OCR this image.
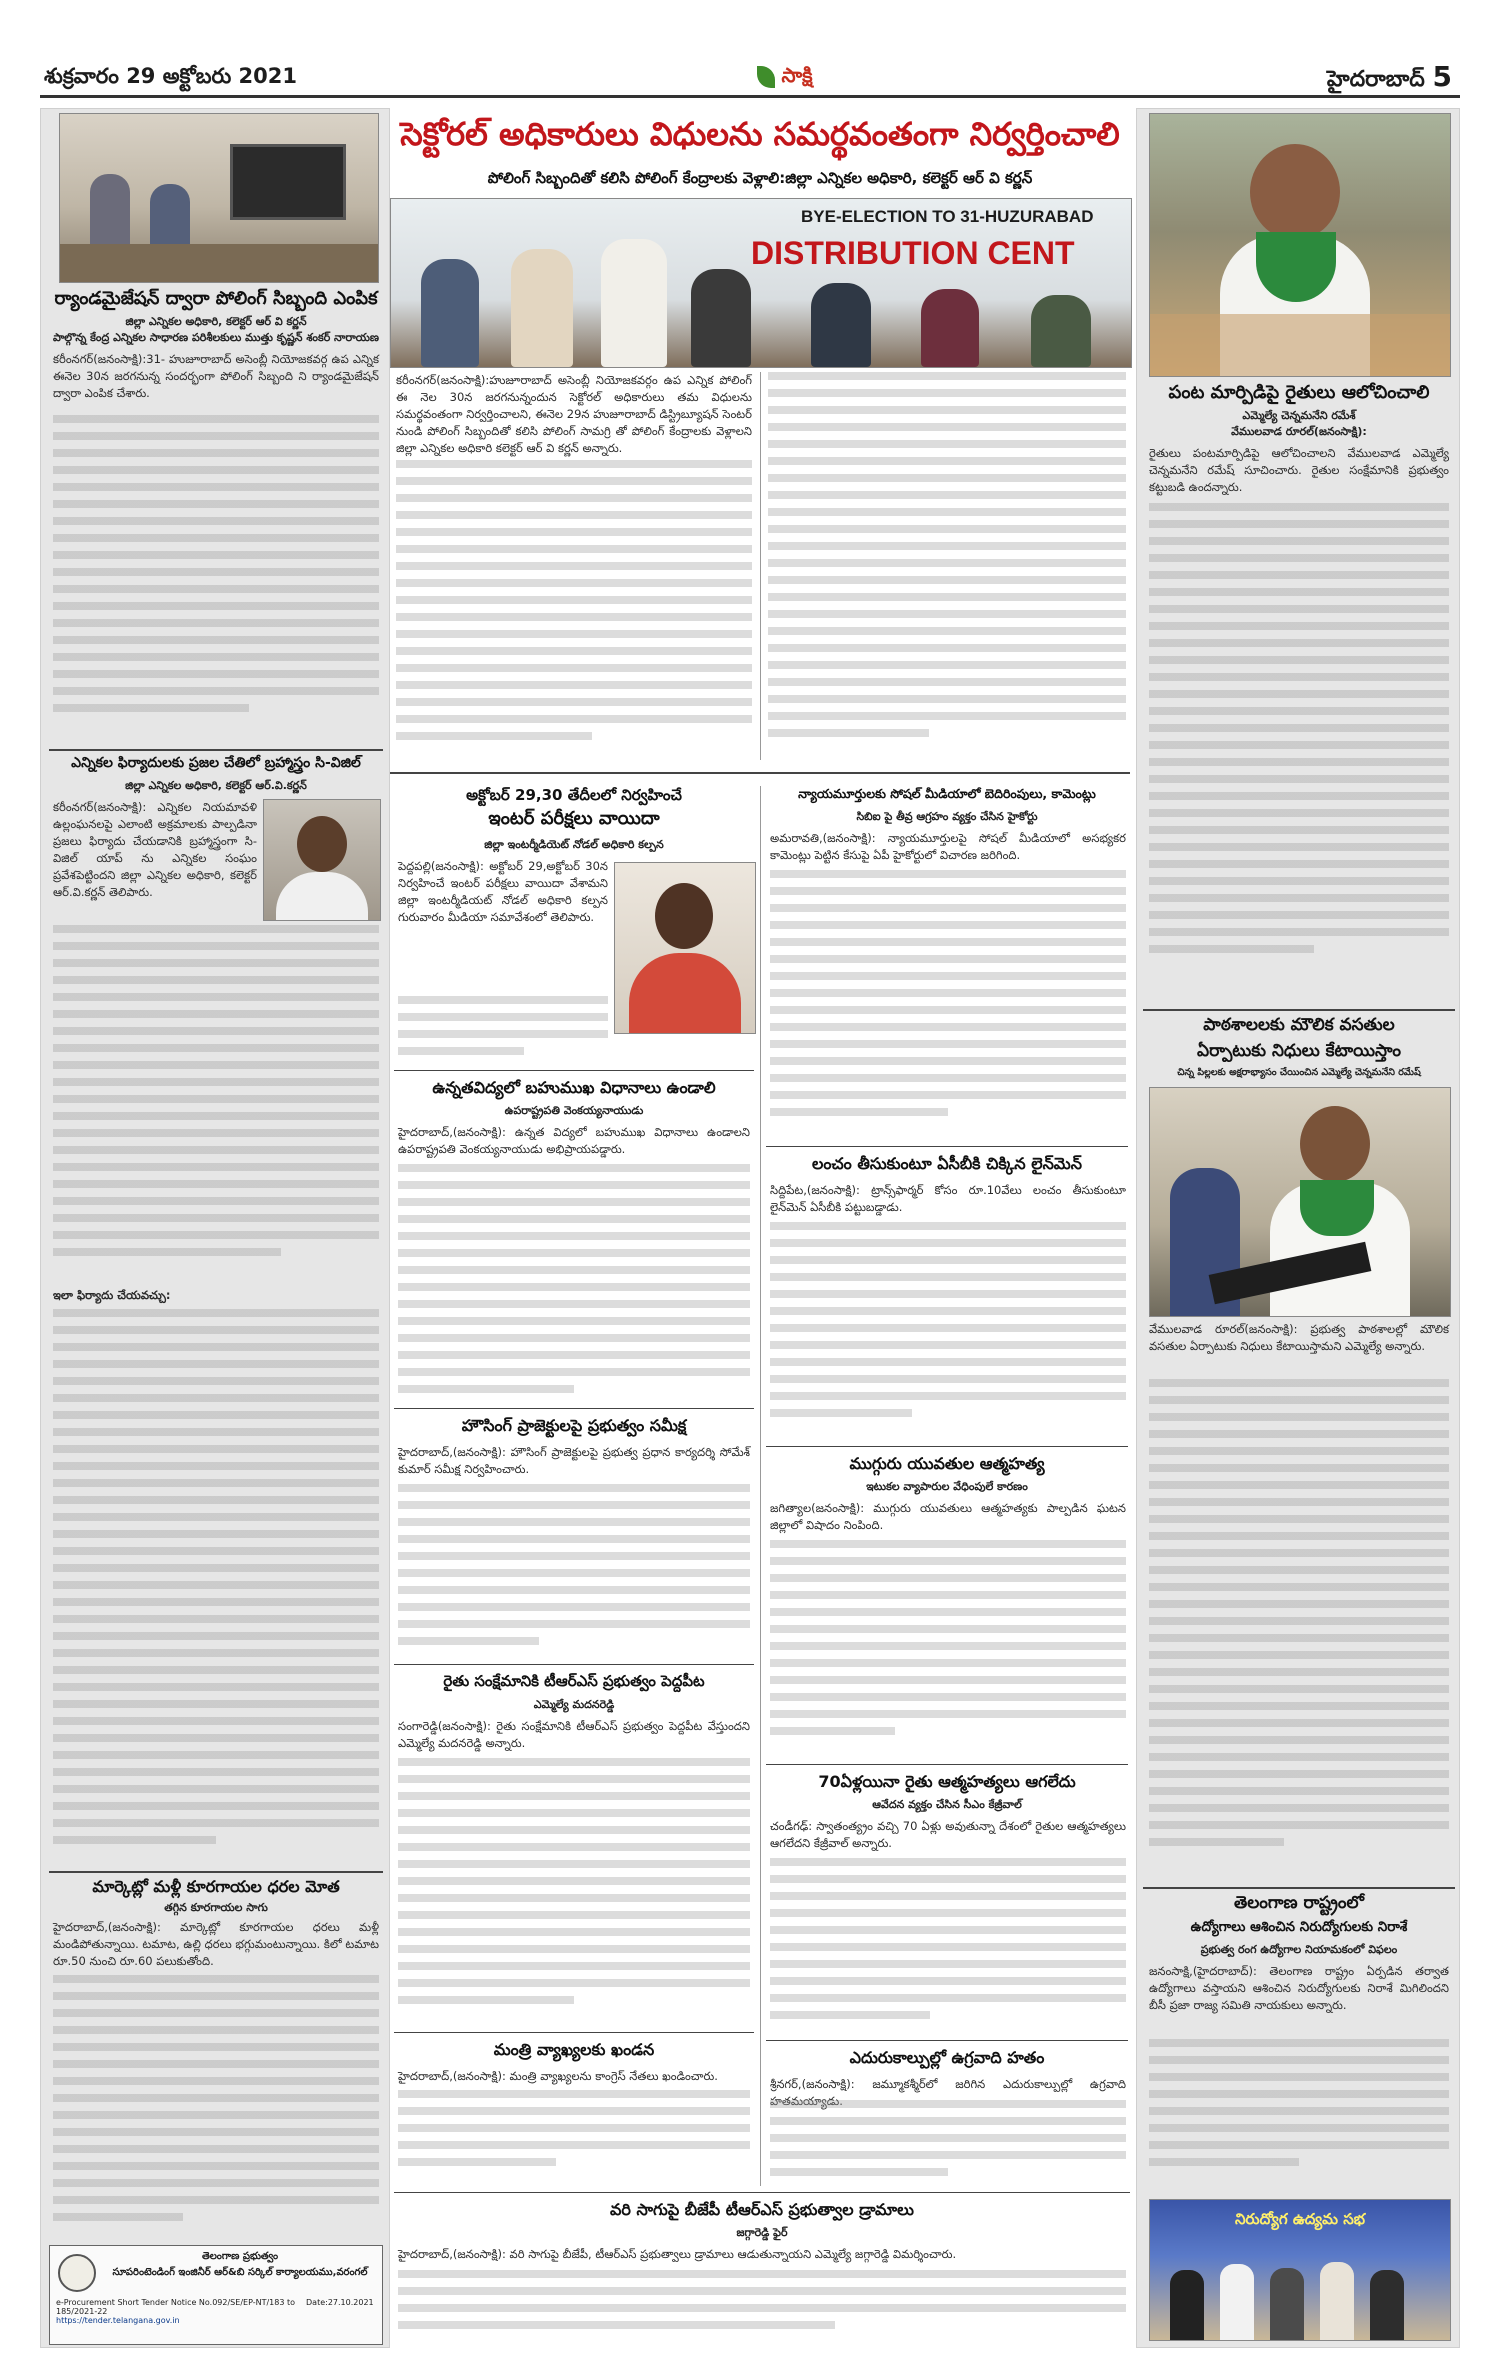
శుక్రవారం 29 అక్టోబరు 2021	సాక్షి	హైదరాబాద్ 5
ర్యాండమైజేషన్ ద్వారా పోలింగ్ సిబ్బంది ఎంపిక
జిల్లా ఎన్నికల అధికారి, కలెక్టర్ ఆర్ వి కర్ణన్
పాల్గొన్న కేంద్ర ఎన్నికల సాధారణ పరిశీలకులు ముత్తు కృష్ణన్ శంకర్ నారాయణ
కరీంనగర్(జనంసాక్షి):31- హుజూరాబాద్ అసెంబ్లీ నియోజకవర్గ ఉప ఎన్నిక ఈనెల 30న జరగనున్న సందర్భంగా పోలింగ్ సిబ్బంది ని ర్యాండమైజేషన్ ద్వారా ఎంపిక చేశారు.
ఎన్నికల ఫిర్యాదులకు ప్రజల చేతిలో బ్రహ్మాస్త్రం సి-విజిల్
జిల్లా ఎన్నికల అధికారి, కలెక్టర్ ఆర్.వి.కర్ణన్
కరీంనగర్(జనంసాక్షి): ఎన్నికల నియమావళి ఉల్లంఘనలపై ఎలాంటి అక్రమాలకు పాల్పడినా ప్రజలు ఫిర్యాదు చేయడానికి బ్రహ్మాస్త్రంగా సి-విజిల్ యాప్ ను ఎన్నికల సంఘం ప్రవేశపెట్టిందని జిల్లా ఎన్నికల అధికారి, కలెక్టర్ ఆర్.వి.కర్ణన్ తెలిపారు.
ఇలా ఫిర్యాదు చేయవచ్చు:
మార్కెట్లో మళ్లీ కూరగాయల ధరల మోత
తగ్గిన కూరగాయల సాగు
హైదరాబాద్,(జనంసాక్షి): మార్కెట్లో కూరగాయల ధరలు మళ్లీ మండిపోతున్నాయి. టమాట, ఉల్లి ధరలు భగ్గుమంటున్నాయి. కిలో టమాట రూ.50 నుంచి రూ.60 పలుకుతోంది.
తెలంగాణ ప్రభుత్వం
సూపరింటెండింగ్ ఇంజినీర్ ఆర్&బి సర్కిల్ కార్యాలయము,వరంగల్
e-Procurement Short Tender Notice No.092/SE/EP-NT/183 to 185/2021-22
Date:27.10.2021
https://tender.telangana.gov.in
సెక్టోరల్ అధికారులు విధులను సమర్థవంతంగా నిర్వర్తించాలి
పోలింగ్ సిబ్బందితో కలిసి పోలింగ్ కేంద్రాలకు వెళ్లాలి:జిల్లా ఎన్నికల అధికారి, కలెక్టర్ ఆర్ వి కర్ణన్
BYE-ELECTION TO 31-HUZURABAD
DISTRIBUTION CENT
కరీంనగర్(జనంసాక్షి):హుజూరాబాద్ అసెంబ్లీ నియోజకవర్గం ఉప ఎన్నిక పోలింగ్ ఈ నెల 30న జరగనున్నందున సెక్టోరల్ అధికారులు తమ విధులను సమర్థవంతంగా నిర్వర్తించాలని, ఈనెల 29న హుజూరాబాద్ డిస్ట్రిబ్యూషన్ సెంటర్ నుండి పోలింగ్ సిబ్బందితో కలిసి పోలింగ్ సామగ్రి తో పోలింగ్ కేంద్రాలకు వెళ్లాలని జిల్లా ఎన్నికల అధికారి కలెక్టర్ ఆర్ వి కర్ణన్ అన్నారు.
అక్టోబర్ 29,30 తేదీలలో నిర్వహించే
ఇంటర్ పరీక్షలు వాయిదా
జిల్లా ఇంటర్మీడియెట్ నోడల్ అధికారి కల్పన
పెద్దపల్లి(జనంసాక్షి): అక్టోబర్ 29,అక్టోబర్ 30న నిర్వహించే ఇంటర్ పరీక్షలు వాయిదా వేశామని జిల్లా ఇంటర్మీడియట్ నోడల్ అధికారి కల్పన గురువారం మీడియా సమావేశంలో తెలిపారు.
ఉన్నతవిద్యలో బహుముఖ విధానాలు ఉండాలి
ఉపరాష్ట్రపతి వెంకయ్యనాయుడు
హైదరాబాద్,(జనంసాక్షి): ఉన్నత విద్యలో బహుముఖ విధానాలు ఉండాలని ఉపరాష్ట్రపతి వెంకయ్యనాయుడు అభిప్రాయపడ్డారు.
హౌసింగ్ ప్రాజెక్టులపై ప్రభుత్వం సమీక్ష
హైదరాబాద్,(జనంసాక్షి): హౌసింగ్ ప్రాజెక్టులపై ప్రభుత్వ ప్రధాన కార్యదర్శి సోమేశ్ కుమార్ సమీక్ష నిర్వహించారు.
రైతు సంక్షేమానికి టీఆర్ఎస్ ప్రభుత్వం పెద్దపీట
ఎమ్మెల్యే మదనరెడ్డి
సంగారెడ్డి(జనంసాక్షి): రైతు సంక్షేమానికి టీఆర్ఎస్ ప్రభుత్వం పెద్దపీట వేస్తుందని ఎమ్మెల్యే మదనరెడ్డి అన్నారు.
మంత్రి వ్యాఖ్యలకు ఖండన
హైదరాబాద్,(జనంసాక్షి): మంత్రి వ్యాఖ్యలను కాంగ్రెస్ నేతలు ఖండించారు.
న్యాయమూర్తులకు సోషల్ మీడియాలో బెదిరింపులు, కామెంట్లు
సిబిఐ పై తీవ్ర ఆగ్రహం వ్యక్తం చేసిన హైకోర్టు
అమరావతి,(జనంసాక్షి): న్యాయమూర్తులపై సోషల్ మీడియాలో అసభ్యకర కామెంట్లు పెట్టిన కేసుపై ఏపీ హైకోర్టులో విచారణ జరిగింది.
లంచం తీసుకుంటూ ఏసీబీకి చిక్కిన లైన్‌మెన్
సిద్దిపేట,(జనంసాక్షి): ట్రాన్స్‌ఫార్మర్ కోసం రూ.10వేలు లంచం తీసుకుంటూ లైన్‌మెన్ ఏసీబీకి పట్టుబడ్డాడు.
ముగ్గురు యువతుల ఆత్మహత్య
ఇటుకల వ్యాపారుల వేధింపులే కారణం
జగిత్యాల(జనంసాక్షి): ముగ్గురు యువతులు ఆత్మహత్యకు పాల్పడిన ఘటన జిల్లాలో విషాదం నింపింది.
70ఏళ్లయినా రైతు ఆత్మహత్యలు ఆగలేదు
ఆవేదన వ్యక్తం చేసిన సీఎం కేజ్రీవాల్
చండీగఢ్: స్వాతంత్య్రం వచ్చి 70 ఏళ్లు అవుతున్నా దేశంలో రైతుల ఆత్మహత్యలు ఆగలేదని కేజ్రీవాల్ అన్నారు.
ఎదురుకాల్పుల్లో ఉగ్రవాది హతం
శ్రీనగర్,(జనంసాక్షి): జమ్మూకశ్మీర్‌లో జరిగిన ఎదురుకాల్పుల్లో ఉగ్రవాది హతమయ్యాడు.
వరి సాగుపై బీజేపీ టీఆర్ఎస్ ప్రభుత్వాల డ్రామాలు
జగ్గారెడ్డి ఫైర్
హైదరాబాద్,(జనంసాక్షి): వరి సాగుపై బీజేపీ, టీఆర్ఎస్ ప్రభుత్వాలు డ్రామాలు ఆడుతున్నాయని ఎమ్మెల్యే జగ్గారెడ్డి విమర్శించారు.
పంట మార్పిడిపై రైతులు ఆలోచించాలి
ఎమ్మెల్యే చెన్నమనేని రమేశ్
వేములవాడ రూరల్(జనంసాక్షి):
రైతులు పంటమార్పిడిపై ఆలోచించాలని వేములవాడ ఎమ్మెల్యే చెన్నమనేని రమేష్ సూచించారు. రైతుల సంక్షేమానికి ప్రభుత్వం కట్టుబడి ఉందన్నారు.
పాఠశాలలకు మౌలిక వసతుల
ఏర్పాటుకు నిధులు కేటాయిస్తాం
చిన్న పిల్లలకు అక్షరాభ్యాసం చేయించిన ఎమ్మెల్యే చెన్నమనేని రమేష్
వేములవాడ రూరల్(జనంసాక్షి): ప్రభుత్వ పాఠశాలల్లో మౌలిక వసతుల ఏర్పాటుకు నిధులు కేటాయిస్తామని ఎమ్మెల్యే అన్నారు.
తెలంగాణ రాష్ట్రంలో
ఉద్యోగాలు ఆశించిన నిరుద్యోగులకు నిరాశే
ప్రభుత్వ రంగ ఉద్యోగాల నియామకంలో విఫలం
జనంసాక్షి,(హైదరాబాద్): తెలంగాణ రాష్ట్రం ఏర్పడిన తర్వాత ఉద్యోగాలు వస్తాయని ఆశించిన నిరుద్యోగులకు నిరాశే మిగిలిందని బీసీ ప్రజా రాజ్య సమితి నాయకులు అన్నారు.
నిరుద్యోగ ఉద్యమ సభ
